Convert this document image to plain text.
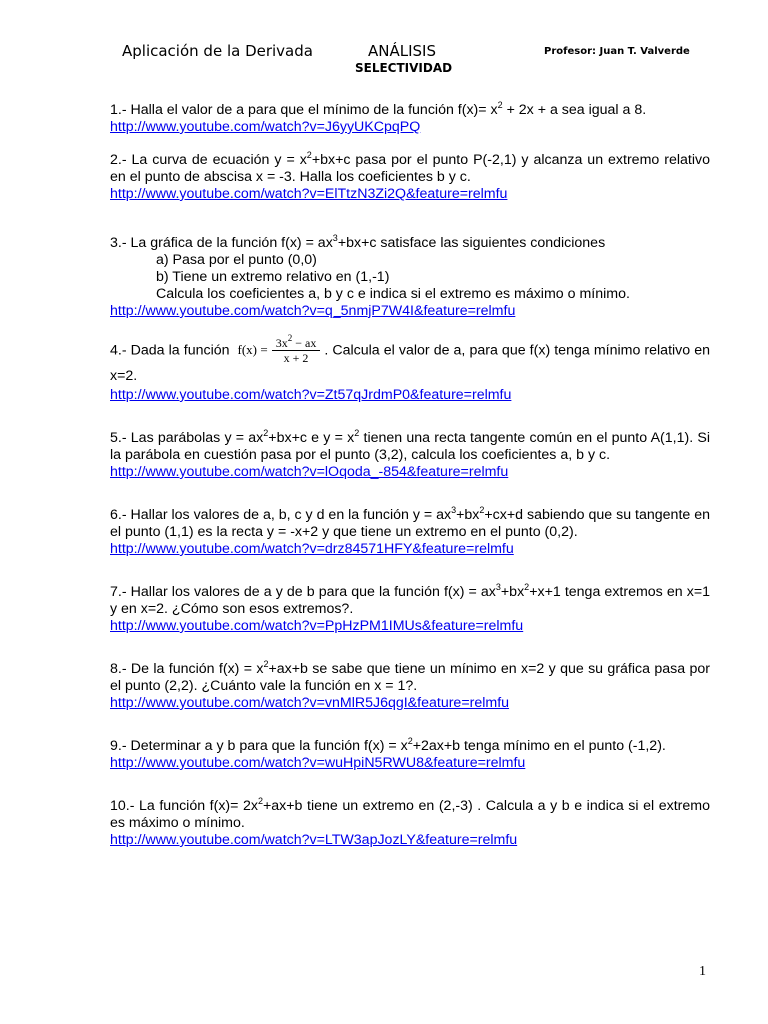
Aplicación de la Derivada	ANÁLISIS
SELECTIVIDAD
Profesor: Juan T. Valverde

1.- Halla el valor de a para que el mínimo de la función $f(x)= x^2 + 2x + a$ sea igual a 8.

http://www.youtube.com/watch?v=J6yyUKCpqPQ

2.- La curva de ecuación $y = x^2+bx+c$ pasa por el punto P(-2,1) y alcanza un extremo relativo en el punto de abscisa x = -3. Halla los coeficientes b y c.

http://www.youtube.com/watch?v=ElTtzN3Zi2Q&feature=relmfu

3.- La gráfica de la función $f(x) = ax^3+bx+c$ satisface las siguientes condiciones

a) Pasa por el punto (0,0)

b) Tiene un extremo relativo en (1,-1)

Calcula los coeficientes a, b y c e indica si el extremo es máximo o mínimo.

http://www.youtube.com/watch?v=q_5nmjP7W4I&feature=relmfu

4.- Dada la función $f(x) = \frac{3x^2 - ax}{x + 2}$ . Calcula el valor de a, para que f(x) tenga mínimo relativo en x=2.

http://www.youtube.com/watch?v=Zt57qJrdmP0&feature=relmfu

5.- Las parábolas $y = ax^2+bx+c$ e $y = x^2$ tienen una recta tangente común en el punto A(1,1). Si la parábola en cuestión pasa por el punto (3,2), calcula los coeficientes a, b y c.

http://www.youtube.com/watch?v=lOqoda_-854&feature=relmfu

6.- Hallar los valores de a, b, c y d en la función $y = ax^3+bx^2+cx+d$ sabiendo que su tangente en el punto (1,1) es la recta y = -x+2 y que tiene un extremo en el punto (0,2).

http://www.youtube.com/watch?v=drz84571HFY&feature=relmfu

7.- Hallar los valores de a y de b para que la función $f(x) = ax^3+bx^2+x+1$ tenga extremos en x=1 y en x=2. ¿Cómo son esos extremos?.

http://www.youtube.com/watch?v=PpHzPM1IMUs&feature=relmfu

8.- De la función $f(x) = x^2+ax+b$ se sabe que tiene un mínimo en x=2 y que su gráfica pasa por el punto (2,2). ¿Cuánto vale la función en x = 1?.

http://www.youtube.com/watch?v=vnMlR5J6qgI&feature=relmfu

9.- Determinar a y b para que la función $f(x) = x^2+2ax+b$ tenga mínimo en el punto (-1,2).

http://www.youtube.com/watch?v=wuHpiN5RWU8&feature=relmfu

10.- La función $f(x)= 2x^2+ax+b$ tiene un extremo en (2,-3) . Calcula a y b e indica si el extremo es máximo o mínimo.

http://www.youtube.com/watch?v=LTW3apJozLY&feature=relmfu
1
